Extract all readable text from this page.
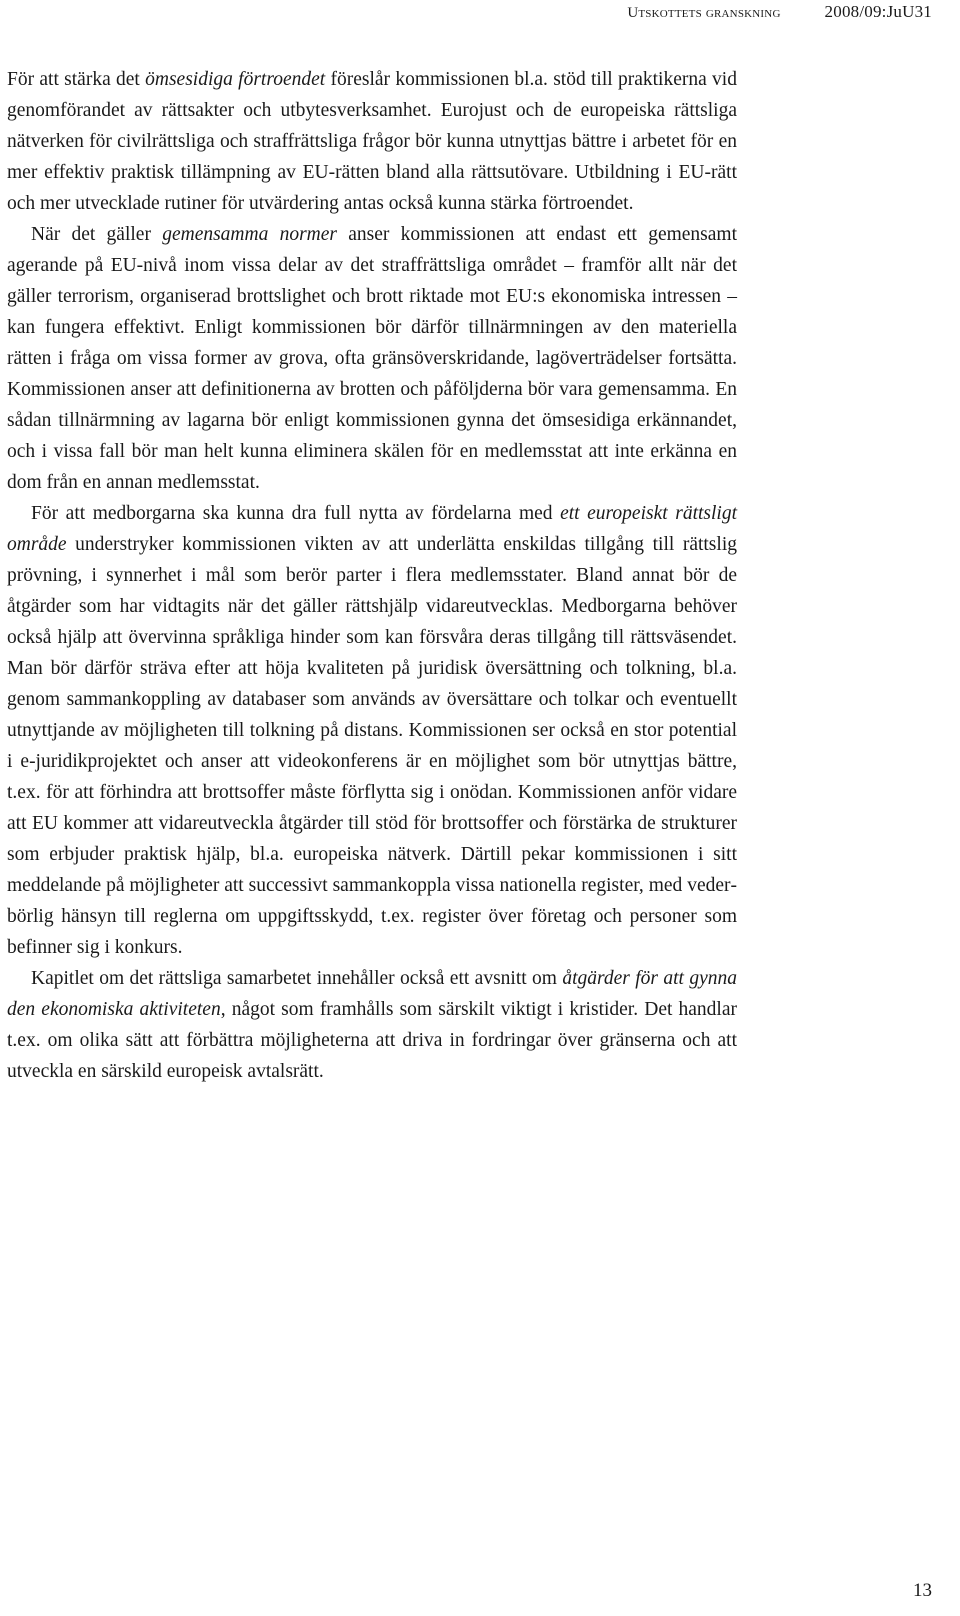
Utskottets granskning	2008/09:JuU31

För att stärka det ömsesidiga förtroendet föreslår kommissionen bl.a. stöd till praktikerna vid genomförandet av rättsakter och utbytesverksamhet. Eurojust och de europeiska rättsliga nätverken för civilrättsliga och straffrättsliga frågor bör kunna utnyttjas bättre i arbetet för en mer effektiv praktisk tillämpning av EU-rätten bland alla rättsutövare. Utbildning i EU-rätt och mer utvecklade rutiner för utvärdering antas också kunna stärka förtroendet.

När det gäller gemensamma normer anser kommissionen att endast ett gemensamt agerande på EU-nivå inom vissa delar av det straffrättsliga området – framför allt när det gäller terrorism, organiserad brottslighet och brott riktade mot EU:s ekonomiska intressen – kan fungera effektivt. Enligt kommissionen bör därför tillnärmningen av den materiella rätten i fråga om vissa former av grova, ofta gränsöverskridande, lagöverträdelser fortsätta. Kommissionen anser att definitionerna av brotten och påföljderna bör vara gemensamma. En sådan tillnärmning av lagarna bör enligt kommissionen gynna det ömsesidiga erkännandet, och i vissa fall bör man helt kunna eliminera skälen för en medlemsstat att inte erkänna en dom från en annan medlemsstat.

För att medborgarna ska kunna dra full nytta av fördelarna med ett europeiskt rättsligt område understryker kommissionen vikten av att underlätta enskildas tillgång till rättslig prövning, i synnerhet i mål som berör parter i flera medlemsstater. Bland annat bör de åtgärder som har vidtagits när det gäller rättshjälp vidareutvecklas. Medborgarna behöver också hjälp att övervinna språkliga hinder som kan försvåra deras tillgång till rättsväsendet. Man bör därför sträva efter att höja kvaliteten på juridisk översättning och tolkning, bl.a. genom sammankoppling av databaser som används av översättare och tolkar och eventuellt utnyttjande av möjligheten till tolkning på distans. Kommissionen ser också en stor potential i e-juridikprojektet och anser att videokonferens är en möjlighet som bör utnyttjas bättre, t.ex. för att förhindra att brottsoffer måste förflytta sig i onödan. Kommissionen anför vidare att EU kommer att vidareutveckla åtgärder till stöd för brottsoffer och förstärka de strukturer som erbjuder praktisk hjälp, bl.a. europeiska nätverk. Därtill pekar kommissionen i sitt meddelande på möjligheter att successivt sammankoppla vissa nationella register, med vederbörlig hänsyn till reglerna om uppgiftsskydd, t.ex. register över företag och personer som befinner sig i konkurs.

Kapitlet om det rättsliga samarbetet innehåller också ett avsnitt om åtgärder för att gynna den ekonomiska aktiviteten, något som framhålls som särskilt viktigt i kristider. Det handlar t.ex. om olika sätt att förbättra möjligheterna att driva in fordringar över gränserna och att utveckla en särskild europeisk avtalsrätt.

13
